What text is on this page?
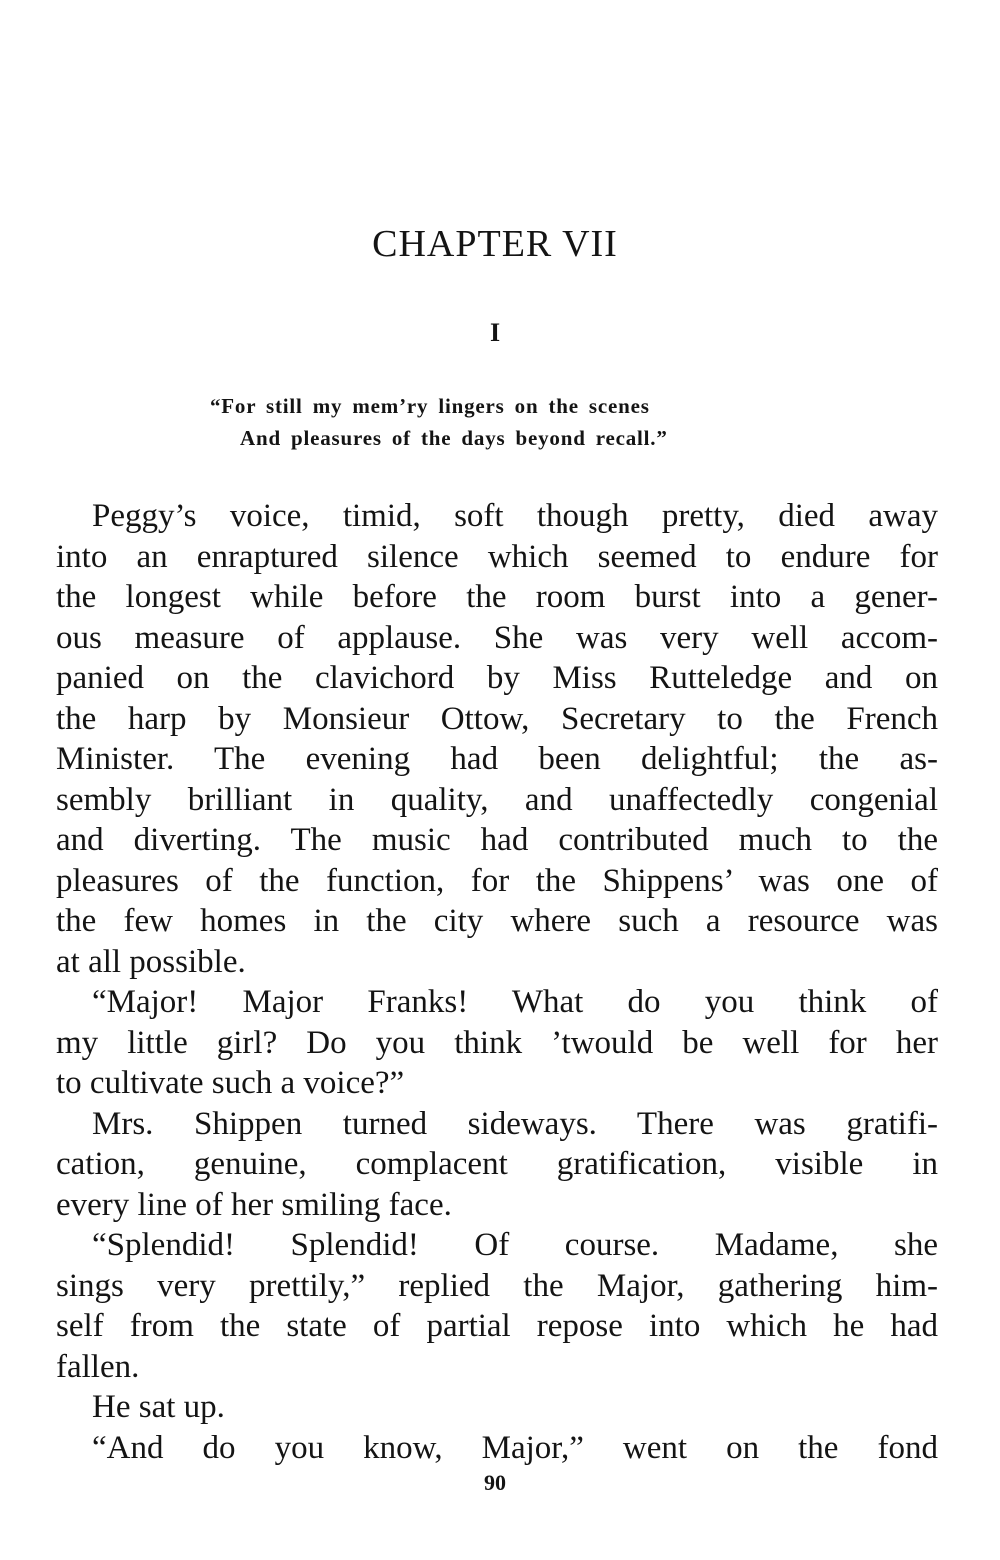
CHAPTER VII
I
“For still my mem’ry lingers on the scenes
And pleasures of the days beyond recall.”

Peggy’s voice, timid, soft though pretty, died away
into an enraptured silence which seemed to endure for
the longest while before the room burst into a gener-
ous measure of applause. She was very well accom-
panied on the clavichord by Miss Rutteledge and on
the harp by Monsieur Ottow, Secretary to the French
Minister. The evening had been delightful; the as-
sembly brilliant in quality, and unaffectedly congenial
and diverting. The music had contributed much to the
pleasures of the function, for the Shippens’ was one of
the few homes in the city where such a resource was
at all possible.

“Major! Major Franks! What do you think of
my little girl? Do you think ’twould be well for her
to cultivate such a voice?”

Mrs. Shippen turned sideways. There was gratifi-
cation, genuine, complacent gratification, visible in
every line of her smiling face.

“Splendid! Splendid! Of course. Madame, she
sings very prettily,” replied the Major, gathering him-
self from the state of partial repose into which he had
fallen.

He sat up.

“And do you know, Major,” went on the fond

90
